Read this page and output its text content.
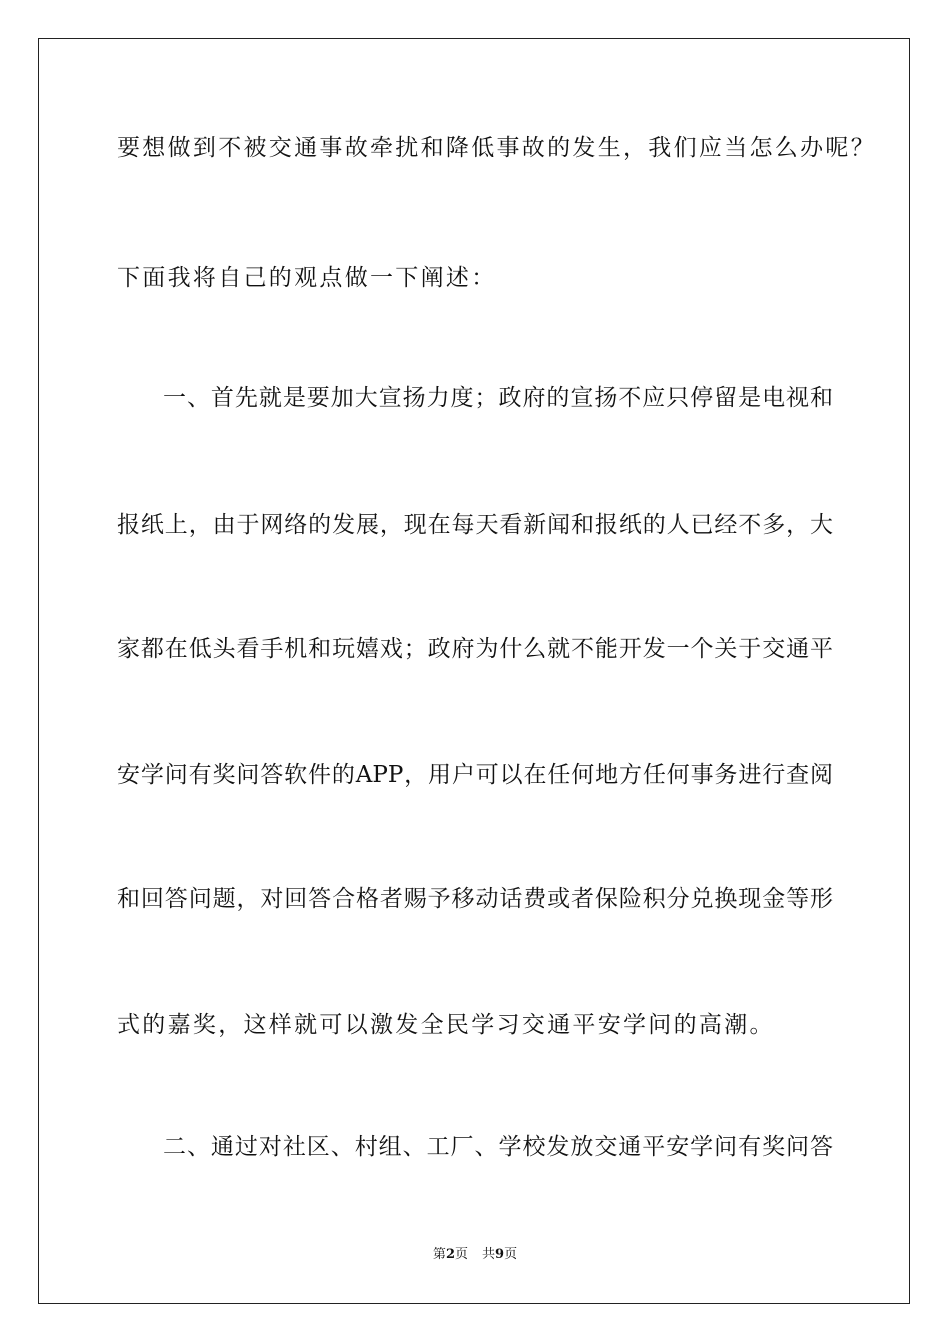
要想做到不被交通事故牵扰和降低事故的发生，我们应当怎么办呢？
下面我将自己的观点做一下阐述：
一、首先就是要加大宣扬力度；政府的宣扬不应只停留是电视和
报纸上，由于网络的发展，现在每天看新闻和报纸的人已经不多，大
家都在低头看手机和玩嬉戏；政府为什么就不能开发一个关于交通平
安学问有奖问答软件的APP，用户可以在任何地方任何事务进行查阅
和回答问题，对回答合格者赐予移动话费或者保险积分兑换现金等形
式的嘉奖，这样就可以激发全民学习交通平安学问的高潮。
二、通过对社区、村组、工厂、学校发放交通平安学问有奖问答
第2页 共9页
